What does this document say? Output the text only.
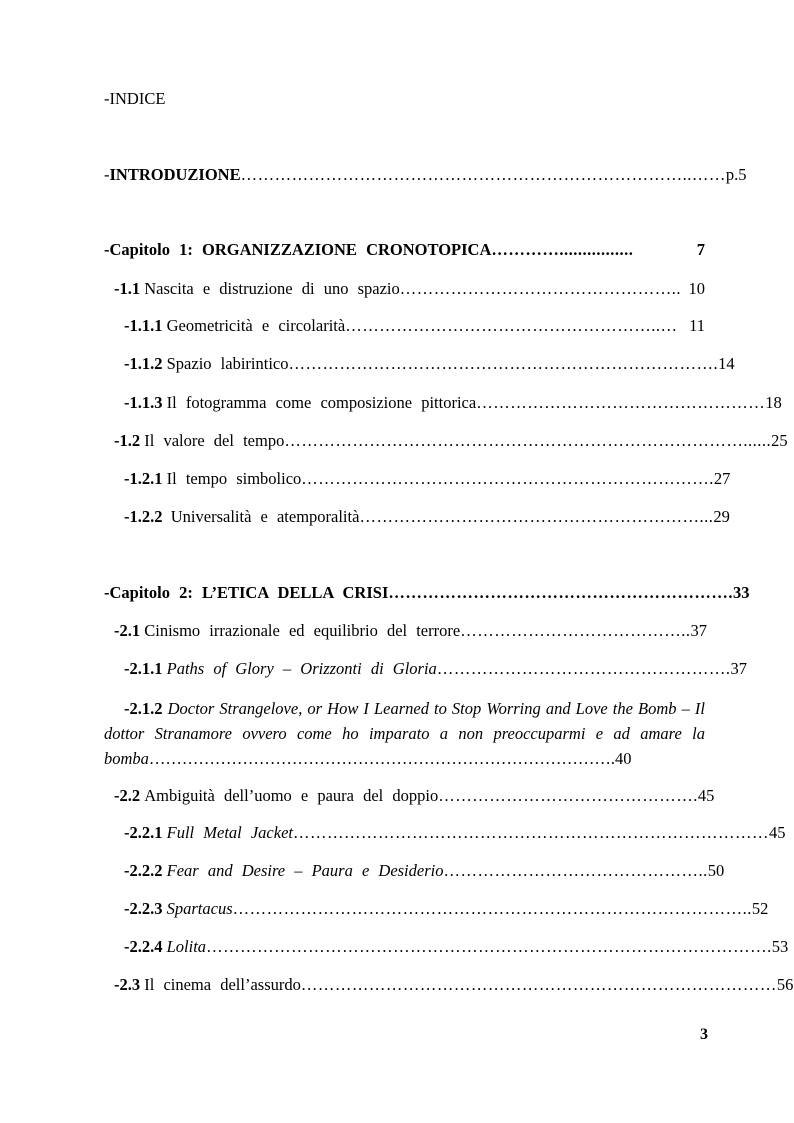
-INDICE
- INTRODUZIONE ……………………………………………………………………..…… p.5
-Capitolo 1: ORGANIZZAZIONE CRONOTOPICA …………................	7
-1.1
Nascita e distruzione di uno spazio ………………………………………….. 10
-1.1.1
Geometricità e circolarità ………………………………………………..… 11
-1.1.2
Spazio labirintico …………………………………………………………………. 14
-1.1.3
Il fotogramma come composizione pittorica …………………………………………… 18
-1.2
Il valore del tempo ………………………………………………………………………...... 25
-1.2.1
Il tempo simbolico ………………………………………………………………. 27
-1.2.2
Universalità e atemporalità ……………………………………………………... 29
-Capitolo 2: L’ETICA DELLA CRISI ……………………………………………………. 33
-2.1
Cinismo irrazionale ed equilibrio del terrore ………………………………….. 37
-2.1.1
Paths of Glory – Orizzonti di Gloria ……………………………………………. 37
-2.1.2 Doctor Strangelove, or How I Learned to Stop Worring and Love the Bomb – Il dottor Stranamore ovvero come ho imparato a non preoccuparmi e ad amare la bomba………………………………………………………………………….40
-2.2
Ambiguità dell’uomo e paura del doppio ………………………………………. 45
-2.2.1
Full Metal Jacket ………………………………………………………………………… 45
-2.2.2
Fear and Desire – Paura e Desiderio ……………………………………….. 50
-2.2.3
Spartacus ……………………………………………………………………………….. 52
-2.2.4
Lolita ………………………………………………………………………………………. 53
-2.3
Il cinema dell’assurdo ………………………………………………………………………… 56
3
